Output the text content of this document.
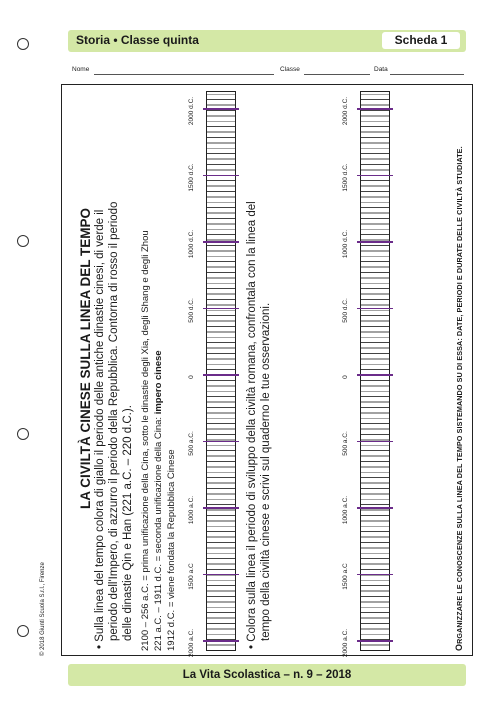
Storia • Classe quinta	Scheda 1
Nome	Classe	Data
LA CIVILTÀ CINESE SULLA LINEA DEL TEMPO • Sulla linea del tempo colora di giallo il periodo delle antiche dinastie cinesi, di verde il periodo dell'Impero, di azzurro il periodo della Repubblica. Contorna di rosso il periodo delle dinastie Qin e Han (221 a.C. – 220 d.C.). 2100 – 256 a.C. = prima unificazione della Cina, sotto le dinastie degli Xia, degli Shang e degli Zhou 221 a.C. – 1911 d.C. = seconda unificazione della Cina: impero cinese
1912 d.C. = viene fondata la Repubblica Cinese 2000 a.C.
1500 a.C
1000 a.C.
500 a.C.
0
500 d.C.
1000 d.C.
1500 d.C.
2000 d.C.
• Colora sulla linea il periodo di sviluppo della civiltà romana, confrontala con la linea del tempo della civiltà cinese e scrivi sul quaderno le tue osservazioni.
2000 a.C.
1500 a.C
1000 a.C.
500 a.C.
0
500 d.C.
1000 d.C.
1500 d.C.
2000 d.C.
ORGANIZZARE LE CONOSCENZE SULLA LINEA DEL TEMPO SISTEMANDO SU DI ESSA: DATE, PERIODI E DURATE DELLE CIVILTÀ STUDIATE.
© 2018 Giunti Scuola S.r.l., Firenze
La Vita Scolastica – n. 9 – 2018
